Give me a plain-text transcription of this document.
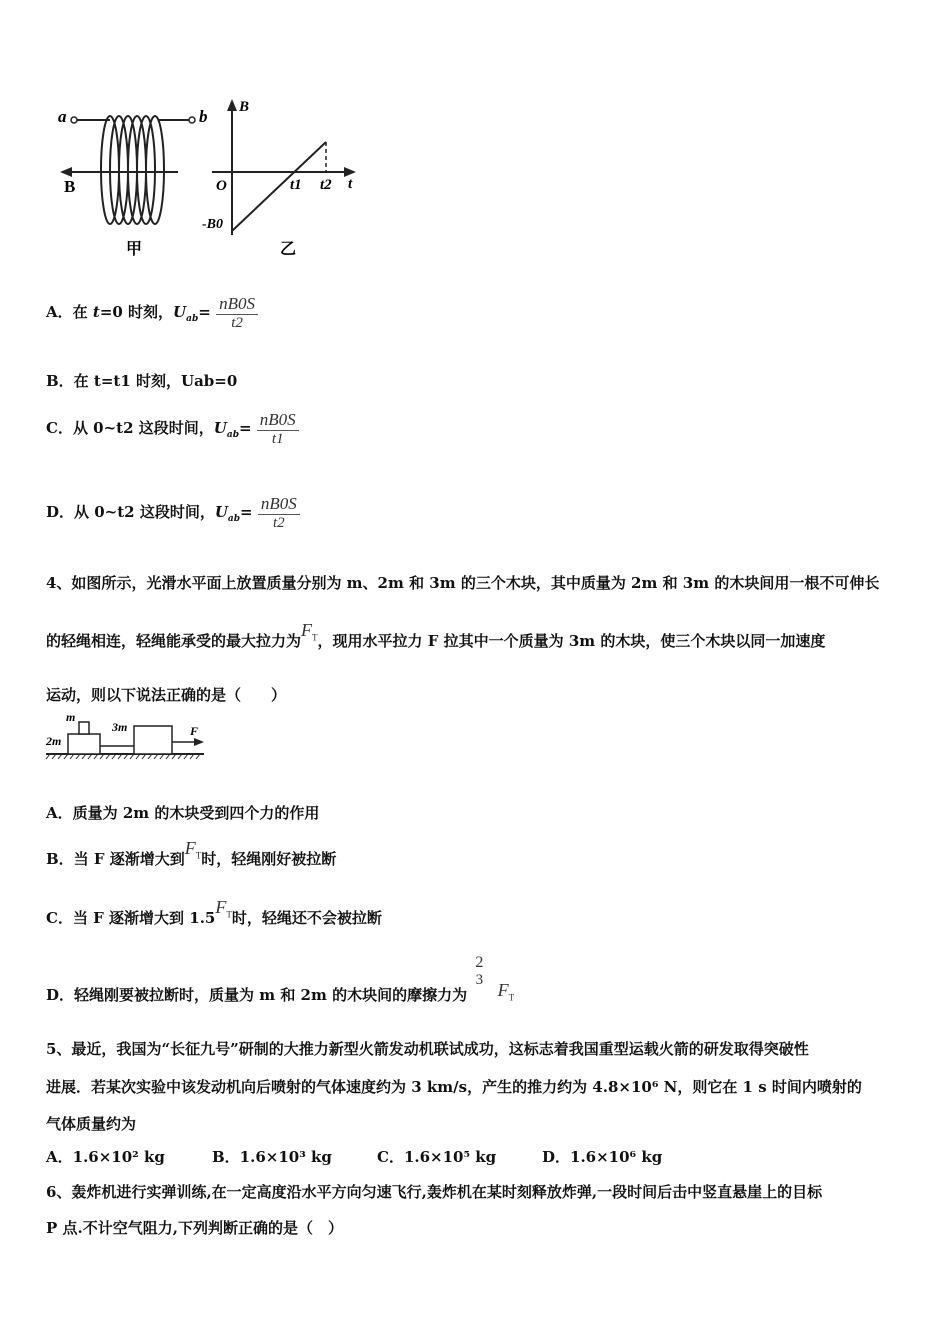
a	b
B
甲
B
t
O	t1 t2
-B0
乙
A．在 t=0 时刻，$U_{ab}= \frac{nB0S}{t2}$
B．在 t=t1 时刻，Uab=0
C．从 0~t2 这段时间，$U_{ab}= \frac{nB0S}{t1}$
D．从 0~t2 这段时间，$U_{ab}= \frac{nB0S}{t2}$
4、如图所示，光滑水平面上放置质量分别为 m、2m 和 3m 的三个木块，其中质量为 2m 和 3m 的木块间用一根不可伸长
的轻绳相连，轻绳能承受的最大拉力为$F_T$，现用水平拉力 F 拉其中一个质量为 3m 的木块，使三个木块以同一加速度
运动，则以下说法正确的是（　　）
m
2m
3m	F
A．质量为 2m 的木块受到四个力的作用
B．当 F 逐渐增大到$F_T$时，轻绳刚好被拉断
C．当 F 逐渐增大到 $1.5F_T$时，轻绳还不会被拉断
D．轻绳刚要被拉断时，质量为 m 和 2m 的木块间的摩擦力为
2
3 $F_T$
5、最近，我国为“长征九号”研制的大推力新型火箭发动机联试成功，这标志着我国重型运载火箭的研发取得突破性
进展．若某次实验中该发动机向后喷射的气体速度约为 3 km/s，产生的推力约为 4.8×10⁶ N，则它在 1 s 时间内喷射的
气体质量约为
A．1.6×10² kg	B．1.6×10³ kg	C．1.6×10⁵ kg	D．1.6×10⁶ kg
6、轰炸机进行实弹训练,在一定高度沿水平方向匀速飞行,轰炸机在某时刻释放炸弹,一段时间后击中竖直悬崖上的目标
P 点.不计空气阻力,下列判断正确的是（　）
